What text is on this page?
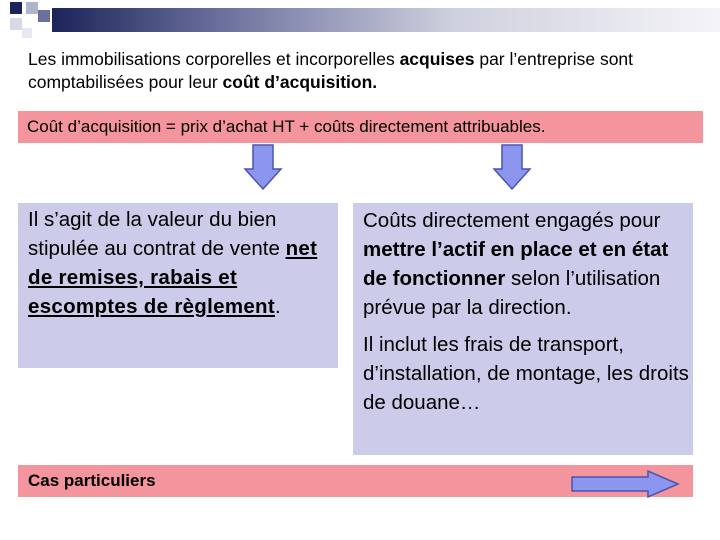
Les immobilisations corporelles et incorporelles acquises par l’entreprise sont comptabilisées pour leur coût d’acquisition.
Coût d’acquisition = prix d’achat HT + coûts directement attribuables.
Il s’agit de la valeur du bien stipulée au contrat de vente net de remises, rabais et escomptes de règlement.

Coûts directement engagés pour mettre l’actif en place et en état de fonctionner selon l’utilisation prévue par la direction.

Il inclut les frais de transport, d’installation, de montage, les droits de douane…

Cas particuliers
